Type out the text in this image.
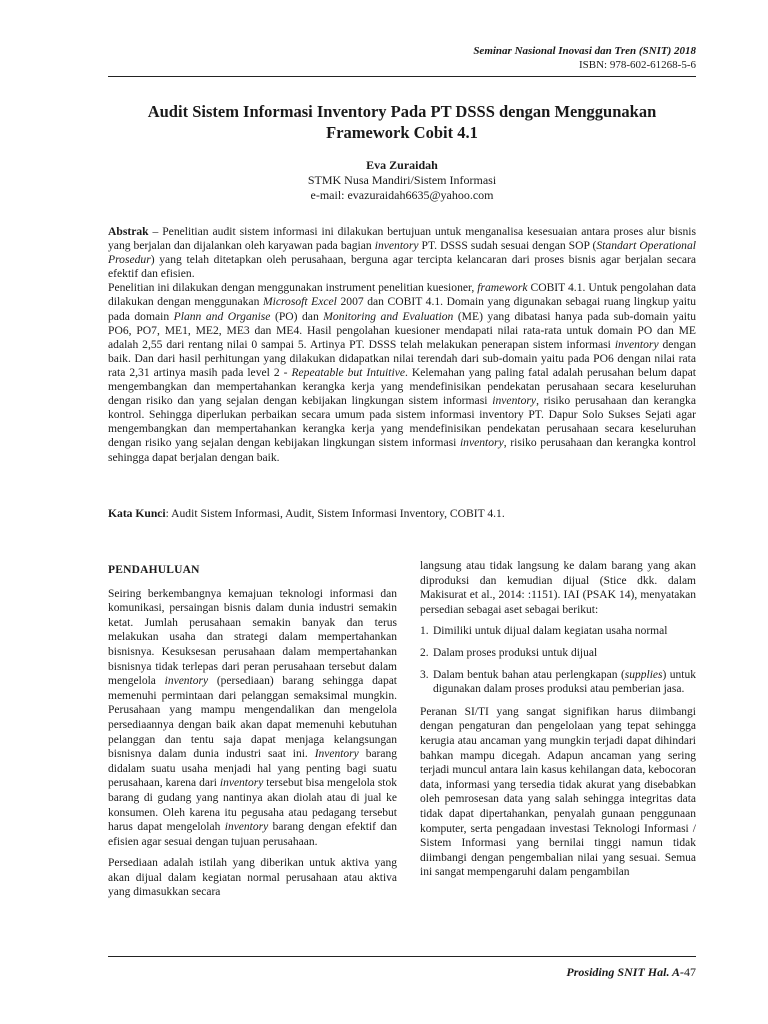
Seminar Nasional Inovasi dan Tren (SNIT) 2018
ISBN: 978-602-61268-5-6
Audit Sistem Informasi Inventory Pada PT DSSS dengan Menggunakan
Framework Cobit 4.1
Eva Zuraidah
STMK Nusa Mandiri/Sistem Informasi
e-mail: evazuraidah6635@yahoo.com

Abstrak – Penelitian audit sistem informasi ini dilakukan bertujuan untuk menganalisa kesesuaian antara proses alur bisnis yang berjalan dan dijalankan oleh karyawan pada bagian inventory PT. DSSS sudah sesuai dengan SOP (Standart Operational Prosedur) yang telah ditetapkan oleh perusahaan, berguna agar tercipta kelancaran dari proses bisnis agar berjalan secara efektif dan efisien.

Penelitian ini dilakukan dengan menggunakan instrument penelitian kuesioner, framework COBIT 4.1. Untuk pengolahan data dilakukan dengan menggunakan Microsoft Excel 2007 dan COBIT 4.1. Domain yang digunakan sebagai ruang lingkup yaitu pada domain Plann and Organise (PO) dan Monitoring and Evaluation (ME) yang dibatasi hanya pada sub-domain yaitu PO6, PO7, ME1, ME2, ME3 dan ME4. Hasil pengolahan kuesioner mendapati nilai rata-rata untuk domain PO dan ME adalah 2,55 dari rentang nilai 0 sampai 5. Artinya PT. DSSS telah melakukan penerapan sistem informasi inventory dengan baik. Dan dari hasil perhitungan yang dilakukan didapatkan nilai terendah dari sub-domain yaitu pada PO6 dengan nilai rata rata 2,31 artinya masih pada level 2 - Repeatable but Intuitive. Kelemahan yang paling fatal adalah perusahan belum dapat mengembangkan dan mempertahankan kerangka kerja yang mendefinisikan pendekatan perusahaan secara keseluruhan dengan risiko dan yang sejalan dengan kebijakan lingkungan sistem informasi inventory, risiko perusahaan dan kerangka kontrol. Sehingga diperlukan perbaikan secara umum pada sistem informasi inventory PT. Dapur Solo Sukses Sejati agar mengembangkan dan mempertahankan kerangka kerja yang mendefinisikan pendekatan perusahaan secara keseluruhan dengan risiko yang sejalan dengan kebijakan lingkungan sistem informasi inventory, risiko perusahaan dan kerangka kontrol sehingga dapat berjalan dengan baik.

Kata Kunci: Audit Sistem Informasi, Audit, Sistem Informasi Inventory, COBIT 4.1.
PENDAHULUAN

Seiring berkembangnya kemajuan teknologi informasi dan komunikasi, persaingan bisnis dalam dunia industri semakin ketat. Jumlah perusahaan semakin banyak dan terus melakukan usaha dan strategi dalam mempertahankan bisnisnya. Kesuksesan perusahaan dalam mempertahankan bisnisnya tidak terlepas dari peran perusahaan tersebut dalam mengelola inventory (persediaan) barang sehingga dapat memenuhi permintaan dari pelanggan semaksimal mungkin. Perusahaan yang mampu mengendalikan dan mengelola persediaannya dengan baik akan dapat memenuhi kebutuhan pelanggan dan tentu saja dapat menjaga kelangsungan bisnisnya dalam dunia industri saat ini. Inventory barang didalam suatu usaha menjadi hal yang penting bagi suatu perusahaan, karena dari inventory tersebut bisa mengelola stok barang di gudang yang nantinya akan diolah atau di jual ke konsumen. Oleh karena itu pegusaha atau pedagang tersebut harus dapat mengelolah inventory barang dengan efektif dan efisien agar sesuai dengan tujuan perusahaan.

Persediaan adalah istilah yang diberikan untuk aktiva yang akan dijual dalam kegiatan normal perusahaan atau aktiva yang dimasukkan secara

langsung atau tidak langsung ke dalam barang yang akan diproduksi dan kemudian dijual (Stice dkk. dalam Makisurat et al., 2014: :1151). IAI (PSAK 14), menyatakan persedian sebagai aset sebagai berikut:

1. Dimiliki untuk dijual dalam kegiatan usaha normal
2. Dalam proses produksi untuk dijual
3. Dalam bentuk bahan atau perlengkapan (supplies) untuk digunakan dalam proses produksi atau pemberian jasa.

Peranan SI/TI yang sangat signifikan harus diimbangi dengan pengaturan dan pengelolaan yang tepat sehingga kerugia atau ancaman yang mungkin terjadi dapat dihindari bahkan mampu dicegah. Adapun ancaman yang sering terjadi muncul antara lain kasus kehilangan data, kebocoran data, informasi yang tersedia tidak akurat yang disebabkan oleh pemrosesan data yang salah sehingga integritas data tidak dapat dipertahankan, penyalah gunaan penggunaan komputer, serta pengadaan investasi Teknologi Informasi / Sistem Informasi yang bernilai tinggi namun tidak diimbangi dengan pengembalian nilai yang sesuai. Semua ini sangat mempengaruhi dalam pengambilan

Prosiding SNIT Hal. A-47
